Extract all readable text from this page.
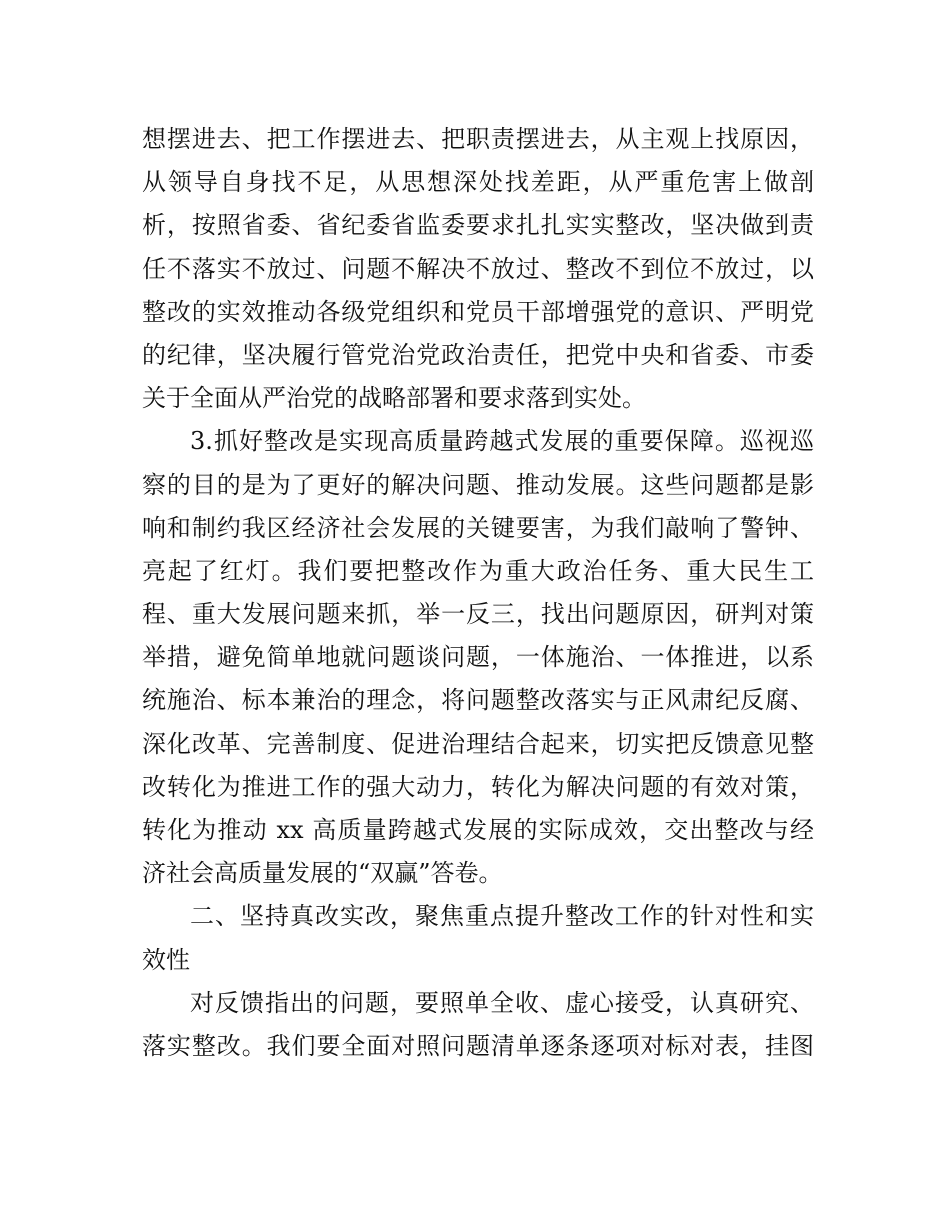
想摆进去、把工作摆进去、把职责摆进去，从主观上找原因，
从领导自身找不足，从思想深处找差距，从严重危害上做剖
析，按照省委、省纪委省监委要求扎扎实实整改，坚决做到责
任不落实不放过、问题不解决不放过、整改不到位不放过，以
整改的实效推动各级党组织和党员干部增强党的意识、严明党
的纪律，坚决履行管党治党政治责任，把党中央和省委、市委
关于全面从严治党的战略部署和要求落到实处。
3.抓好整改是实现高质量跨越式发展的重要保障。巡视巡
察的目的是为了更好的解决问题、推动发展。这些问题都是影
响和制约我区经济社会发展的关键要害，为我们敲响了警钟、
亮起了红灯。我们要把整改作为重大政治任务、重大民生工
程、重大发展问题来抓，举一反三，找出问题原因，研判对策
举措，避免简单地就问题谈问题，一体施治、一体推进，以系
统施治、标本兼治的理念，将问题整改落实与正风肃纪反腐、
深化改革、完善制度、促进治理结合起来，切实把反馈意见整
改转化为推进工作的强大动力，转化为解决问题的有效对策，
转化为推动 xx 高质量跨越式发展的实际成效，交出整改与经
济社会高质量发展的“双赢”答卷。
二、坚持真改实改，聚焦重点提升整改工作的针对性和实
效性
对反馈指出的问题，要照单全收、虚心接受，认真研究、
落实整改。我们要全面对照问题清单逐条逐项对标对表，挂图
